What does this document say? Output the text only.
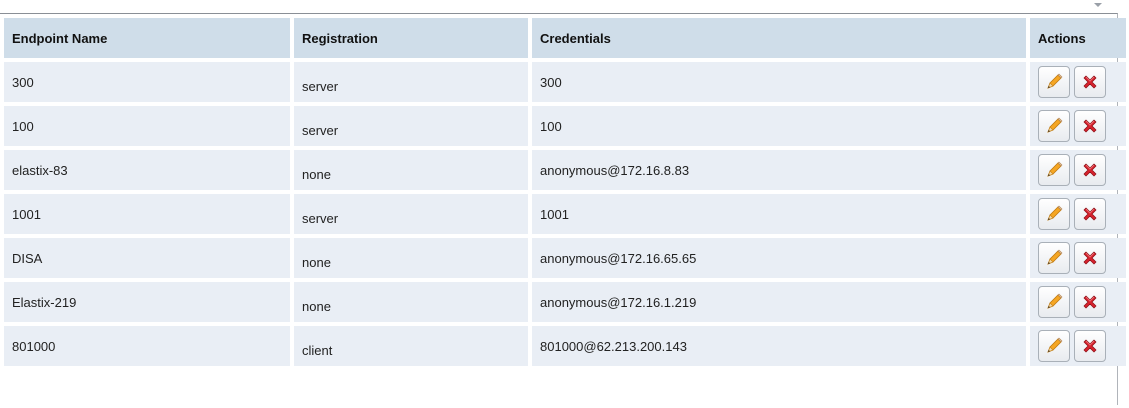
Endpoint Name	Registration	Credentials	Actions
300	server	300	

100	server	100	

elastix-83	none	anonymous@172.16.8.83	

1001	server	1001	

DISA	none	anonymous@172.16.65.65	

Elastix-219	none	anonymous@172.16.1.219	

801000	client	801000@62.213.200.143	
